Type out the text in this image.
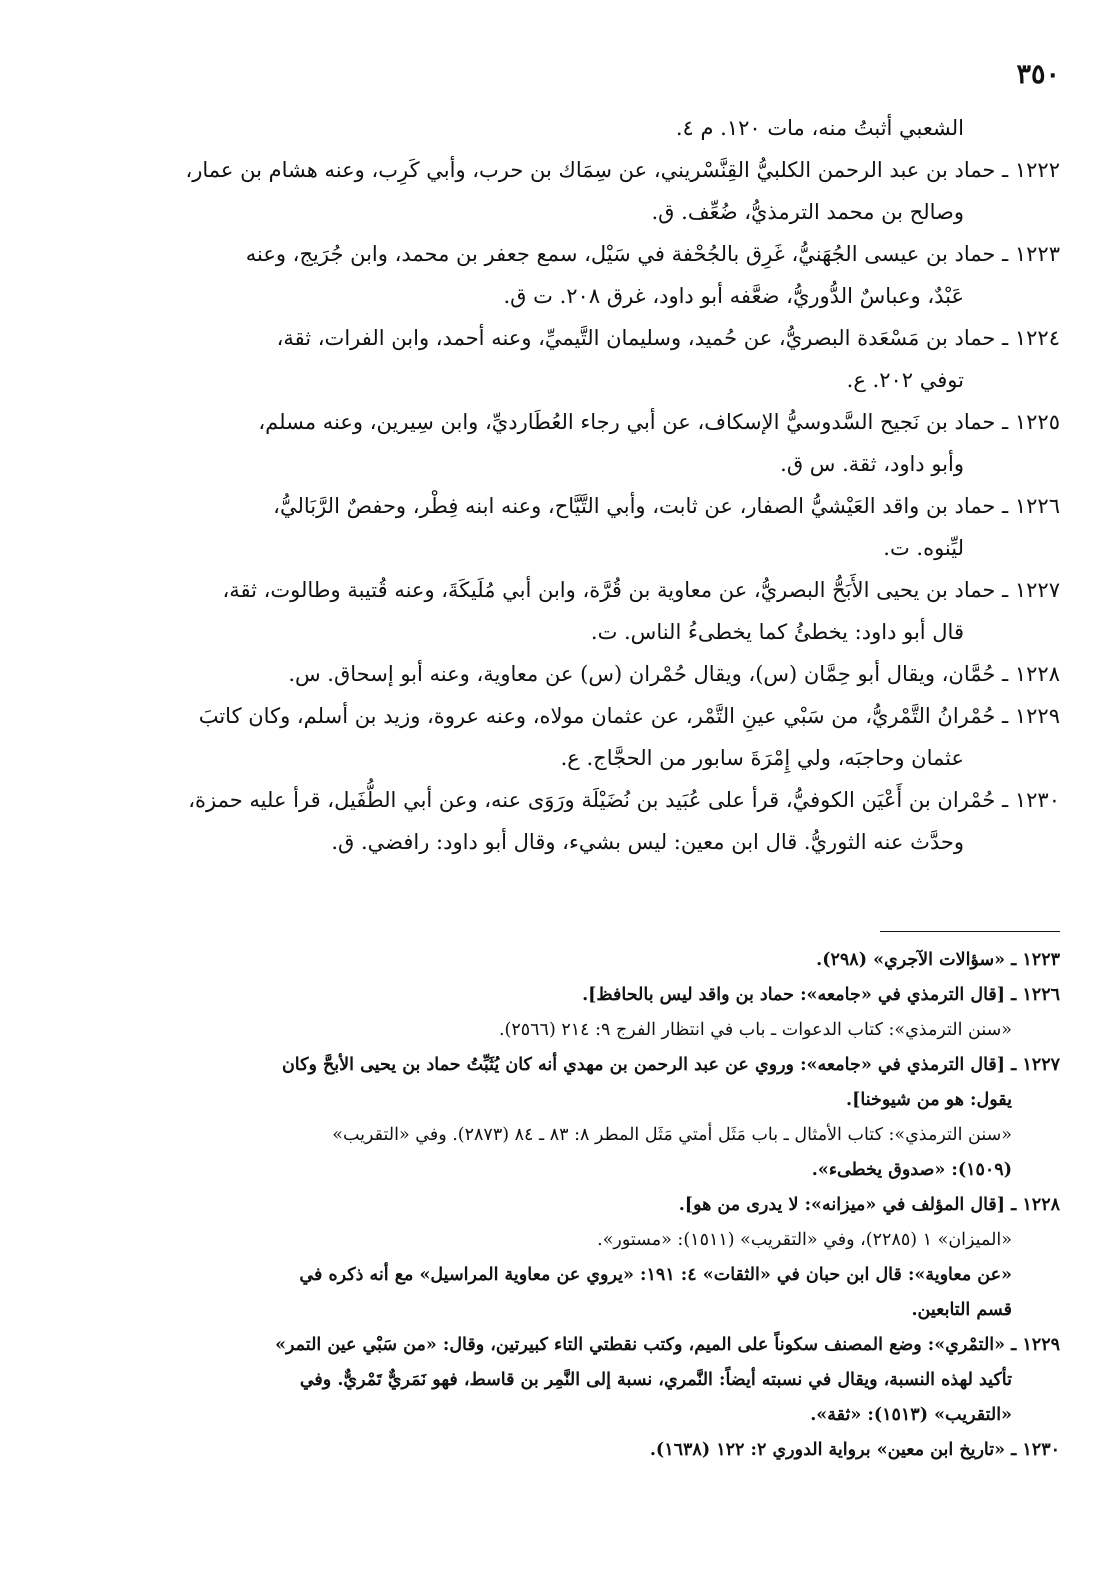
٣٥٠
الشعبي أثبتُ منه، مات ١٢٠. م ٤.
١٢٢٢ ـ حماد بن عبد الرحمن الكلبيُّ القِنَّسْريني، عن سِمَاك بن حرب، وأبي كَرِب، وعنه هشام بن عمار،
وصالح بن محمد الترمذيُّ، ضُعِّف. ق.
١٢٢٣ ـ حماد بن عيسى الجُهَنيُّ، غَرِق بالجُحْفة في سَيْل، سمع جعفر بن محمد، وابن جُرَيج، وعنه
عَبْدٌ، وعباسٌ الدُّوريُّ، ضعَّفه أبو داود، غرق ٢٠٨. ت ق.
١٢٢٤ ـ حماد بن مَسْعَدة البصريُّ، عن حُميد، وسليمان التَّيميِّ، وعنه أحمد، وابن الفرات، ثقة،
توفي ٢٠٢. ع.
١٢٢٥ ـ حماد بن نَجيح السَّدوسيُّ الإسكاف، عن أبي رجاء العُطَارديِّ، وابن سِيرين، وعنه مسلم،
وأبو داود، ثقة. س ق.
١٢٢٦ ـ حماد بن واقد العَيْشيُّ الصفار، عن ثابت، وأبي التَّيَّاح، وعنه ابنه فِطْر، وحفصٌ الرَّبَاليُّ،
ليِّنوه. ت.
١٢٢٧ ـ حماد بن يحيى الأَبَحُّ البصريُّ، عن معاوية بن قُرَّة، وابن أبي مُلَيكَةَ، وعنه قُتيبة وطالوت، ثقة،
قال أبو داود: يخطئُ كما يخطىءُ الناس. ت.
١٢٢٨ ـ حُمَّان، ويقال أبو حِمَّان (س)، ويقال حُمْران (س) عن معاوية، وعنه أبو إسحاق. س.
١٢٢٩ ـ حُمْرانُ التَّمْريُّ، من سَبْي عينِ التَّمْر، عن عثمان مولاه، وعنه عروة، وزيد بن أسلم، وكان كاتبَ
عثمان وحاجبَه، ولي إِمْرَةَ سابور من الحجَّاج. ع.
١٢٣٠ ـ حُمْران بن أَعْيَن الكوفيُّ، قرأ على عُبَيد بن نُضَيْلَة ورَوَى عنه، وعن أبي الطُّفَيل، قرأ عليه حمزة،
وحدَّث عنه الثوريُّ. قال ابن معين: ليس بشيء، وقال أبو داود: رافضي. ق.
١٢٢٣ ـ «سؤالات الآجري» (٢٩٨).
١٢٢٦ ـ [قال الترمذي في «جامعه»: حماد بن واقد ليس بالحافظ].
«سنن الترمذي»: كتاب الدعوات ـ باب في انتظار الفرج ٩: ٢١٤ (٢٥٦٦).
١٢٢٧ ـ [قال الترمذي في «جامعه»: وروي عن عبد الرحمن بن مهدي أنه كان يُثَبِّتُ حماد بن يحيى الأبحَّ وكان
يقول: هو من شيوخنا].
«سنن الترمذي»: كتاب الأمثال ـ باب مَثَل أمتي مَثَل المطر ٨: ٨٣ ـ ٨٤ (٢٨٧٣). وفي «التقريب»
(١٥٠٩): «صدوق يخطىء».
١٢٢٨ ـ [قال المؤلف في «ميزانه»: لا يدرى من هو].
«الميزان» ١ (٢٢٨٥)، وفي «التقريب» (١٥١١): «مستور».
«عن معاوية»: قال ابن حبان في «الثقات» ٤: ١٩١: «يروي عن معاوية المراسيل» مع أنه ذكره في
قسم التابعين.
١٢٢٩ ـ «التمْري»: وضع المصنف سكوناً على الميم، وكتب نقطتي التاء كبيرتين، وقال: «من سَبْي عين التمر»
تأكيد لهذه النسبة، ويقال في نسبته أيضاً: النَّمري، نسبة إلى النَّمِر بن قاسط، فهو نَمَريٌّ تَمْريٌّ. وفي
«التقريب» (١٥١٣): «ثقة».
١٢٣٠ ـ «تاريخ ابن معين» برواية الدوري ٢: ١٢٢ (١٦٣٨).
